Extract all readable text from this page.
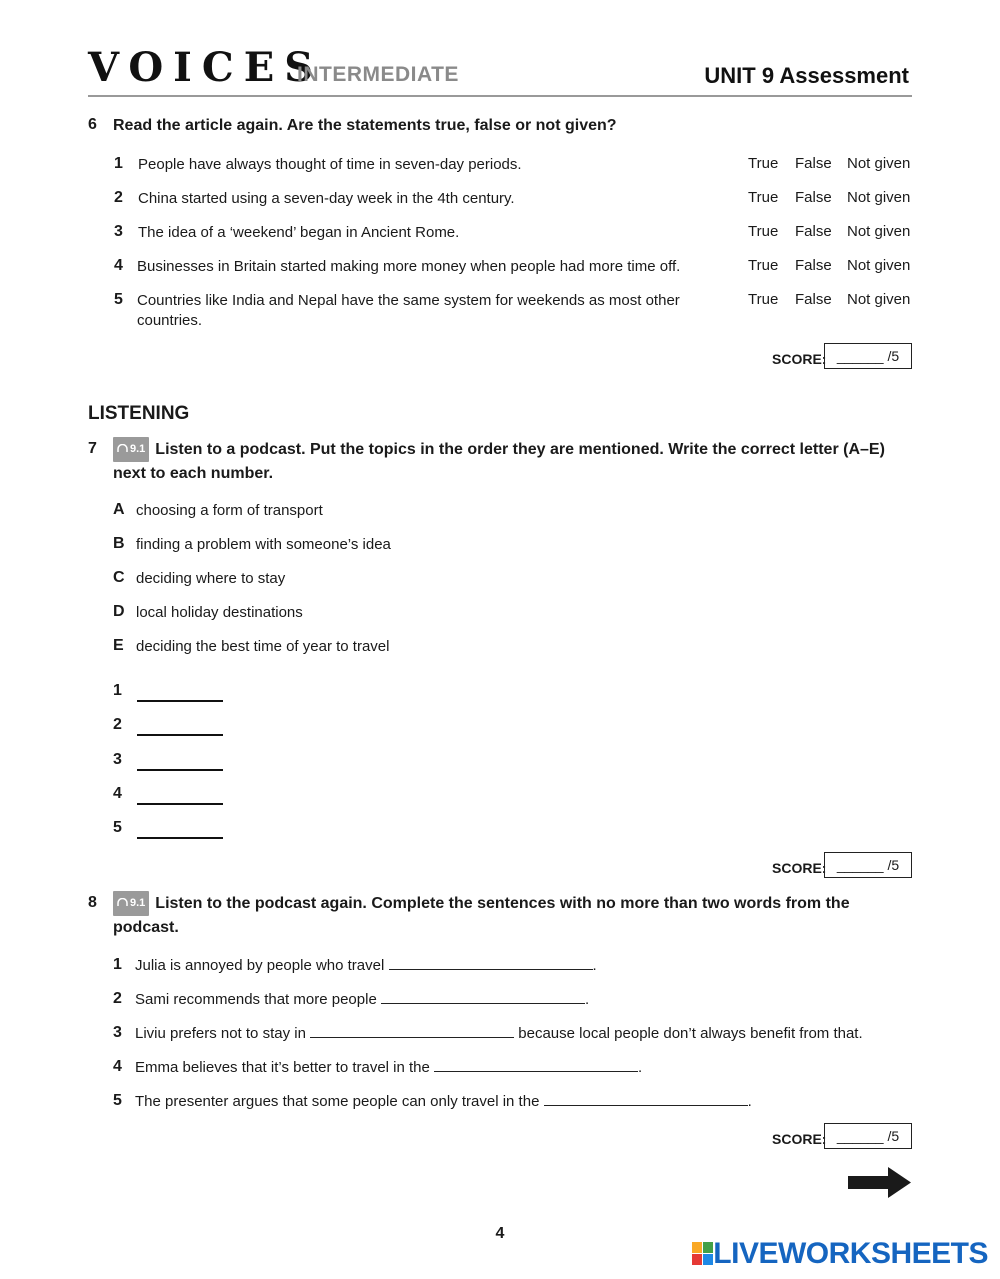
VOICES
INTERMEDIATE	UNIT 9 Assessment
6 Read the article again. Are the statements true, false or not given?
1 People have always thought of time in seven-day periods.	True False Not given
2 China started using a seven-day week in the 4th century.	True False Not given
3 The idea of a ‘weekend’ began in Ancient Rome.	True False Not given
4 Businesses in Britain started making more money when people had more time off.	True False Not given
5 Countries like India and Nepal have the same system for weekends as most other countries.
True False Not given
SCORE: ______ /5
LISTENING
7	9.1 Listen to a podcast. Put the topics in the order they are mentioned. Write the correct letter (A–E) next to each number.
A choosing a form of transport
B finding a problem with someone’s idea
C deciding where to stay
D local holiday destinations
E deciding the best time of year to travel
1
2
3
4
5
SCORE: ______ /5
8	9.1 Listen to the podcast again. Complete the sentences with no more than two words from the podcast.
1 Julia is annoyed by people who travel	.
2 Sami recommends that more people	.
3 Liviu prefers not to stay in	because local people don’t always benefit from that.
4 Emma believes that it’s better to travel in the	.
5 The presenter argues that some people can only travel in the	.
SCORE: ______ /5
4
LIVEWORKSHEETS
